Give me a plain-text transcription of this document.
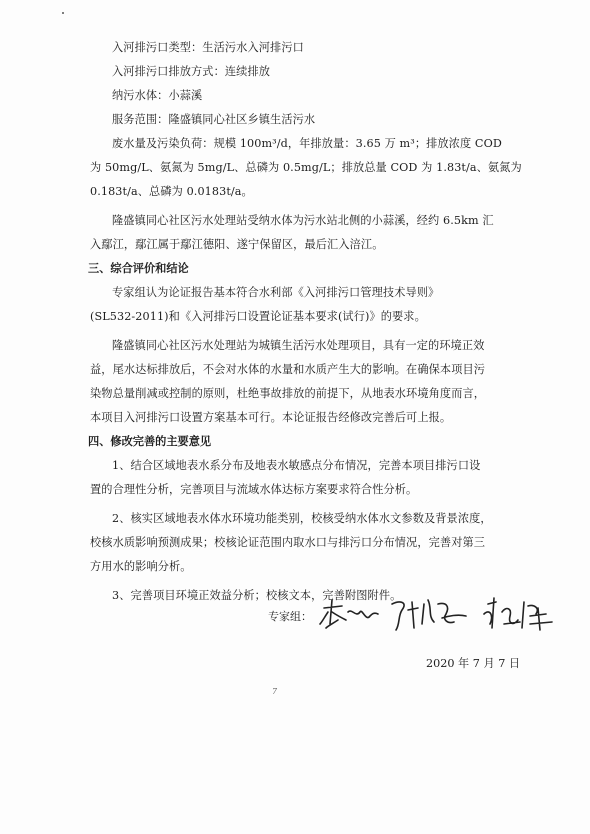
入河排污口类型：生活污水入河排污口

入河排污口排放方式：连续排放

纳污水体：小蒜溪

服务范围：隆盛镇同心社区乡镇生活污水

废水量及污染负荷：规模 100m³/d，年排放量：3.65 万 m³；排放浓度 COD

为 50mg/L、氨氮为 5mg/L、总磷为 0.5mg/L；排放总量 COD 为 1.83t/a、氨氮为

0.183t/a、总磷为 0.0183t/a。

隆盛镇同心社区污水处理站受纳水体为污水站北侧的小蒜溪，经约 6.5km 汇

入鄢江，鄢江属于鄢江德阳、遂宁保留区，最后汇入涪江。

三、综合评价和结论

专家组认为论证报告基本符合水利部《入河排污口管理技术导则》

(SL532-2011)和《入河排污口设置论证基本要求(试行)》的要求。

隆盛镇同心社区污水处理站为城镇生活污水处理项目，具有一定的环境正效

益，尾水达标排放后，不会对水体的水量和水质产生大的影响。在确保本项目污

染物总量削减或控制的原则，杜绝事故排放的前提下，从地表水环境角度而言，

本项目入河排污口设置方案基本可行。本论证报告经修改完善后可上报。

四、修改完善的主要意见

1、结合区域地表水系分布及地表水敏感点分布情况，完善本项目排污口设

置的合理性分析，完善项目与流域水体达标方案要求符合性分析。

2、核实区域地表水体水环境功能类别，校核受纳水体水文参数及背景浓度，

校核水质影响预测成果；校核论证范围内取水口与排污口分布情况，完善对第三

方用水的影响分析。

3、完善项目环境正效益分析；校核文本，完善附图附件。

专家组：
2020 年 7 月 7 日
7
